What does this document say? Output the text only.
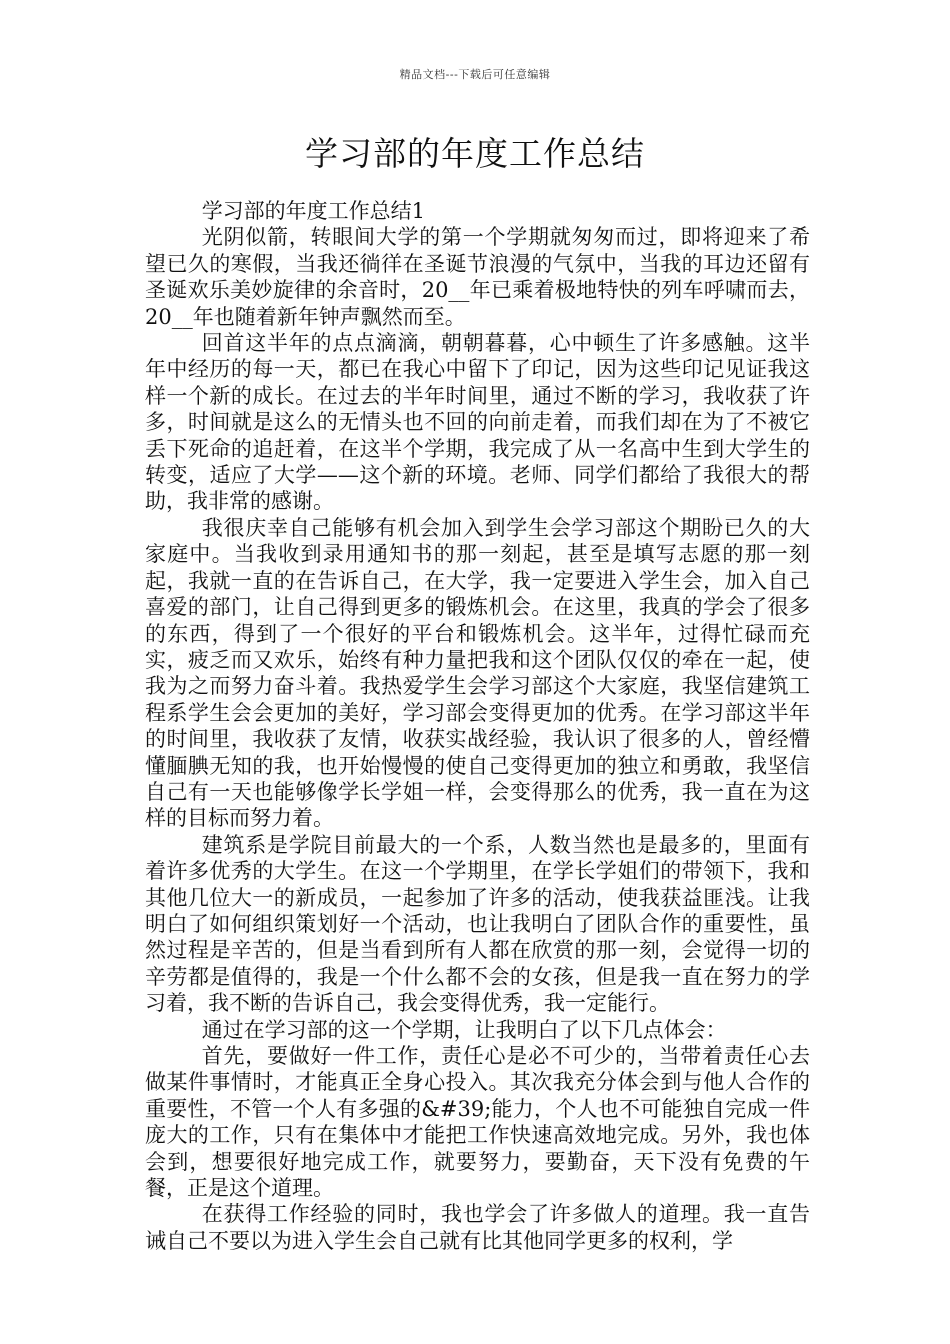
精品文档---下载后可任意编辑
学习部的年度工作总结

学习部的年度工作总结1

光阴似箭，转眼间大学的第一个学期就匆匆而过，即将迎来了希望已久的寒假，当我还徜徉在圣诞节浪漫的气氛中，当我的耳边还留有圣诞欢乐美妙旋律的余音时，20__年已乘着极地特快的列车呼啸而去，20__年也随着新年钟声飘然而至。

回首这半年的点点滴滴，朝朝暮暮，心中顿生了许多感触。这半年中经历的每一天，都已在我心中留下了印记，因为这些印记见证我这样一个新的成长。在过去的半年时间里，通过不断的学习，我收获了许多，时间就是这么的无情头也不回的向前走着，而我们却在为了不被它丢下死命的追赶着，在这半个学期，我完成了从一名高中生到大学生的转变，适应了大学——这个新的环境。老师、同学们都给了我很大的帮助，我非常的感谢。

我很庆幸自己能够有机会加入到学生会学习部这个期盼已久的大家庭中。当我收到录用通知书的那一刻起，甚至是填写志愿的那一刻起，我就一直的在告诉自己，在大学，我一定要进入学生会，加入自己喜爱的部门，让自己得到更多的锻炼机会。在这里，我真的学会了很多的东西，得到了一个很好的平台和锻炼机会。这半年，过得忙碌而充实，疲乏而又欢乐，始终有种力量把我和这个团队仅仅的牵在一起，使我为之而努力奋斗着。我热爱学生会学习部这个大家庭，我坚信建筑工程系学生会会更加的美好，学习部会变得更加的优秀。在学习部这半年的时间里，我收获了友情，收获实战经验，我认识了很多的人，曾经懵懂腼腆无知的我，也开始慢慢的使自己变得更加的独立和勇敢，我坚信自己有一天也能够像学长学姐一样，会变得那么的优秀，我一直在为这样的目标而努力着。

建筑系是学院目前最大的一个系，人数当然也是最多的，里面有着许多优秀的大学生。在这一个学期里，在学长学姐们的带领下，我和其他几位大一的新成员，一起参加了许多的活动，使我获益匪浅。让我明白了如何组织策划好一个活动，也让我明白了团队合作的重要性，虽然过程是辛苦的，但是当看到所有人都在欣赏的那一刻，会觉得一切的辛劳都是值得的，我是一个什么都不会的女孩，但是我一直在努力的学习着，我不断的告诉自己，我会变得优秀，我一定能行。

通过在学习部的这一个学期，让我明白了以下几点体会：

首先，要做好一件工作，责任心是必不可少的，当带着责任心去做某件事情时，才能真正全身心投入。其次我充分体会到与他人合作的重要性，不管一个人有多强的&#39;能力，个人也不可能独自完成一件庞大的工作，只有在集体中才能把工作快速高效地完成。另外，我也体会到，想要很好地完成工作，就要努力，要勤奋，天下没有免费的午餐，正是这个道理。

在获得工作经验的同时，我也学会了许多做人的道理。我一直告诫自己不要以为进入学生会自己就有比其他同学更多的权利，学
